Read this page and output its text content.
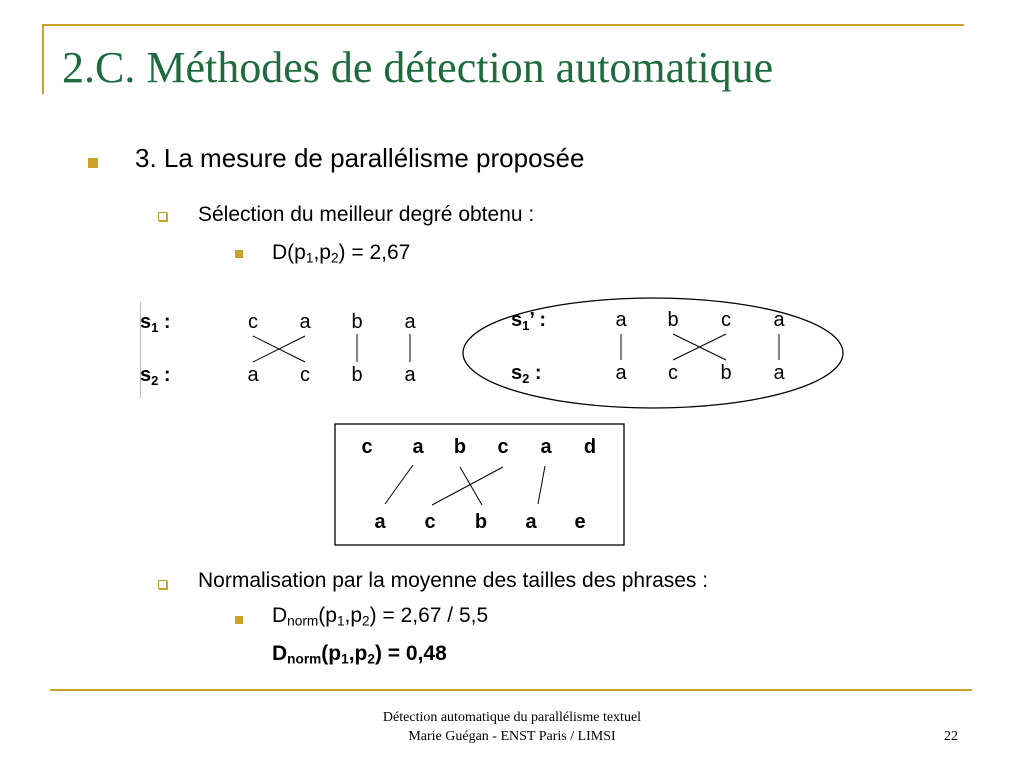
2.C. Méthodes de détection automatique
3. La mesure de parallélisme proposée
Sélection du meilleur degré obtenu :
$D(p_1,p_2) = 2,67$
$s_1$ :
$s_2$ :
c a b a
a c b a
$s_1$’ :
$s_2$ :
a b c a
a c b a
c a b c a d
a c b a e
Normalisation par la moyenne des tailles des phrases :
$D_{norm}(p_1,p_2) = 2,67 / 5,5$
$D_{norm}(p_1,p_2) = 0,48$
Détection automatique du parallélisme textuel
Marie Guégan - ENST Paris / LIMSI	22
